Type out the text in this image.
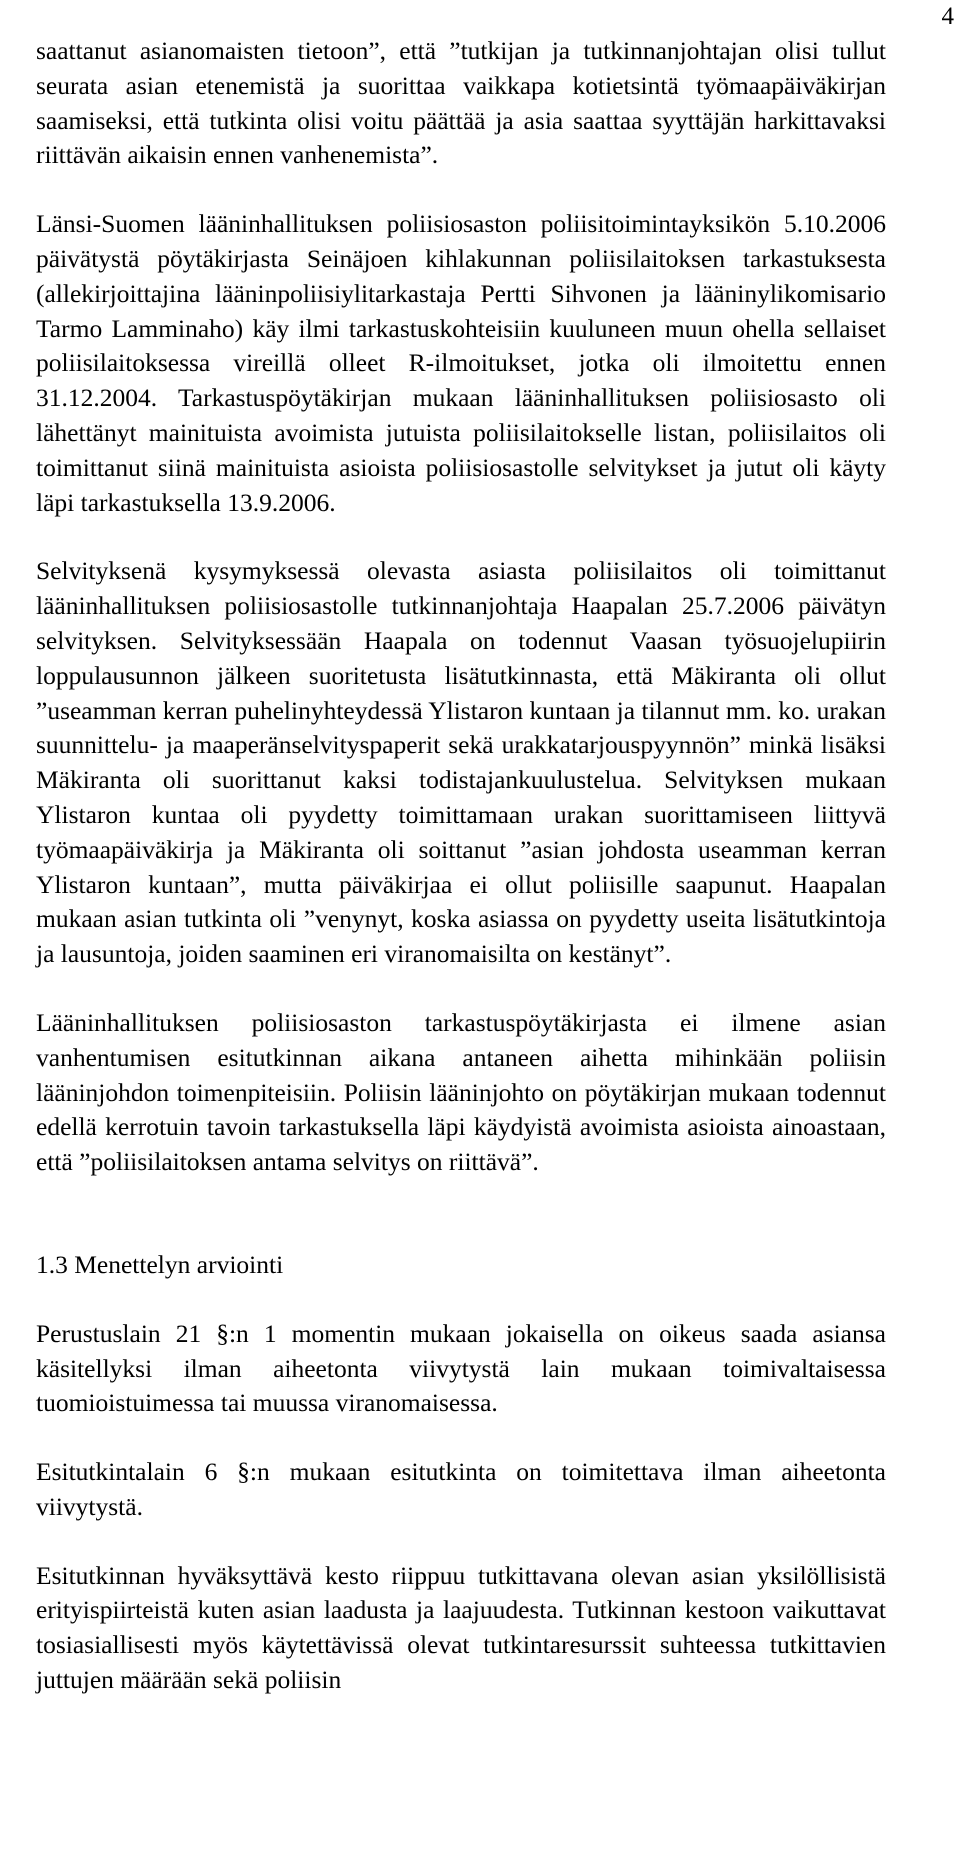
4

saattanut asianomaisten tietoon”, että ”tutkijan ja tutkinnanjohtajan olisi tullut seurata asian etenemistä ja suorittaa vaikkapa kotietsintä työmaapäiväkirjan saamiseksi, että tutkinta olisi voitu päättää ja asia saattaa syyttäjän harkittavaksi riittävän aikaisin ennen vanhenemista”.

Länsi-Suomen lääninhallituksen poliisiosaston poliisitoimintayksikön 5.10.2006 päivätystä pöytäkirjasta Seinäjoen kihlakunnan poliisilaitoksen tarkastuksesta (allekirjoittajina lääninpoliisiylitarkastaja Pertti Sihvonen ja lääninylikomisario Tarmo Lamminaho) käy ilmi tarkastuskohteisiin kuuluneen muun ohella sellaiset poliisilaitoksessa vireillä olleet R-ilmoitukset, jotka oli ilmoitettu ennen 31.12.2004. Tarkastuspöytäkirjan mukaan lääninhallituksen poliisiosasto oli lähettänyt mainituista avoimista jutuista poliisilaitokselle listan, poliisilaitos oli toimittanut siinä mainituista asioista poliisiosastolle selvitykset ja jutut oli käyty läpi tarkastuksella 13.9.2006.

Selvityksenä kysymyksessä olevasta asiasta poliisilaitos oli toimittanut lääninhallituksen poliisiosastolle tutkinnanjohtaja Haapalan 25.7.2006 päivätyn selvityksen. Selvityksessään Haapala on todennut Vaasan työsuojelupiirin loppulausunnon jälkeen suoritetusta lisätutkinnasta, että Mäkiranta oli ollut ”useamman kerran puhelinyhteydessä Ylistaron kuntaan ja tilannut mm. ko. urakan suunnittelu- ja maaperänselvityspaperit sekä urakkatarjouspyynnön” minkä lisäksi Mäkiranta oli suorittanut kaksi todistajankuulustelua. Selvityksen mukaan Ylistaron kuntaa oli pyydetty toimittamaan urakan suorittamiseen liittyvä työmaapäiväkirja ja Mäkiranta oli soittanut ”asian johdosta useamman kerran Ylistaron kuntaan”, mutta päiväkirjaa ei ollut poliisille saapunut. Haapalan mukaan asian tutkinta oli ”venynyt, koska asiassa on pyydetty useita lisätutkintoja ja lausuntoja, joiden saaminen eri viranomaisilta on kestänyt”.

Lääninhallituksen poliisiosaston tarkastuspöytäkirjasta ei ilmene asian vanhentumisen esitutkinnan aikana antaneen aihetta mihinkään poliisin lääninjohdon toimenpiteisiin. Poliisin lääninjohto on pöytäkirjan mukaan todennut edellä kerrotuin tavoin tarkastuksella läpi käydyistä avoimista asioista ainoastaan, että ”poliisilaitoksen antama selvitys on riittävä”.

1.3 Menettelyn arviointi

Perustuslain 21 §:n 1 momentin mukaan jokaisella on oikeus saada asiansa käsitellyksi ilman aiheetonta viivytystä lain mukaan toimivaltaisessa tuomioistuimessa tai muussa viranomaisessa.

Esitutkintalain 6 §:n mukaan esitutkinta on toimitettava ilman aiheetonta viivytystä.

Esitutkinnan hyväksyttävä kesto riippuu tutkittavana olevan asian yksilöllisistä erityispiirteistä kuten asian laadusta ja laajuudesta. Tutkinnan kestoon vaikuttavat tosiasiallisesti myös käytettävissä olevat tutkintaresurssit suhteessa tutkittavien juttujen määrään sekä poliisin
